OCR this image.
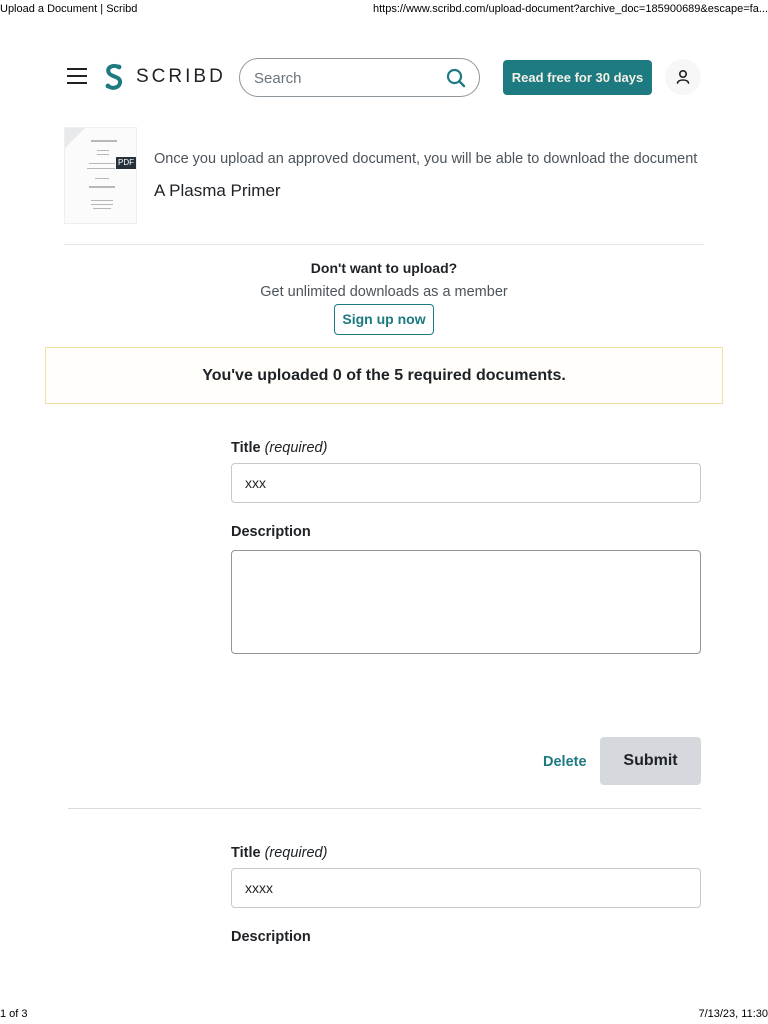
Upload a Document | Scribd	https://www.scribd.com/upload-document?archive_doc=185900689&escape=fa...
SCRIBD
Search	Read free for 30 days
PDF Once you upload an approved document, you will be able to download the document
A Plasma Primer
Don't want to upload?
Get unlimited downloads as a member
Sign up now
You've uploaded 0 of the 5 required documents.
Title (required)
xxx
Description
Delete	Submit
Title (required)
xxxx
Description
1 of 3	7/13/23, 11:30
